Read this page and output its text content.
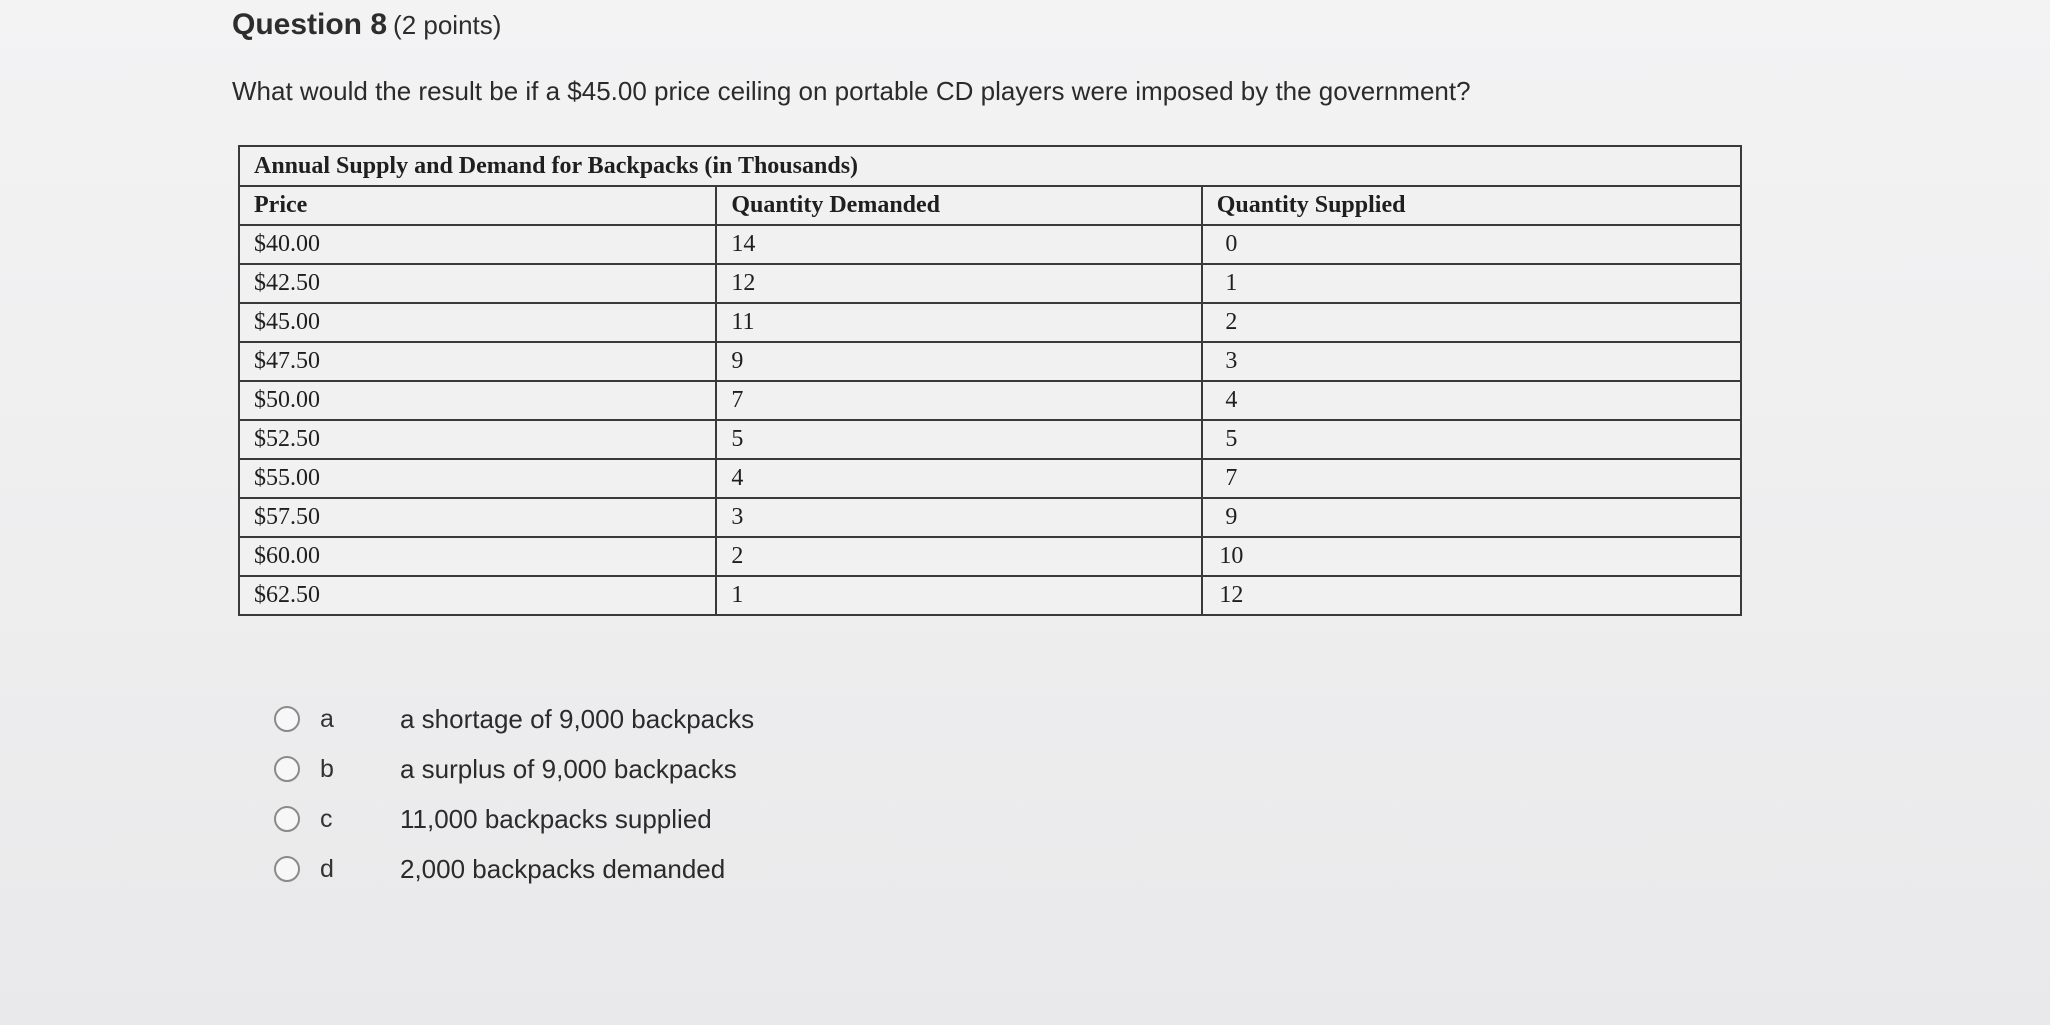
Question 8 (2 points)

What would the result be if a $45.00 price ceiling on portable CD players were imposed by the government?

Annual Supply and Demand for Backpacks (in Thousands)		
Price	Quantity Demanded	Quantity Supplied
$40.00	14	0
$42.50	12	1
$45.00	11	2
$47.50	9	3
$50.00	7	4
$52.50	5	5
$55.00	4	7
$57.50	3	9
$60.00	2	10
$62.50	1	12
a	a shortage of 9,000 backpacks
b	a surplus of 9,000 backpacks
c	11,000 backpacks supplied
d	2,000 backpacks demanded
